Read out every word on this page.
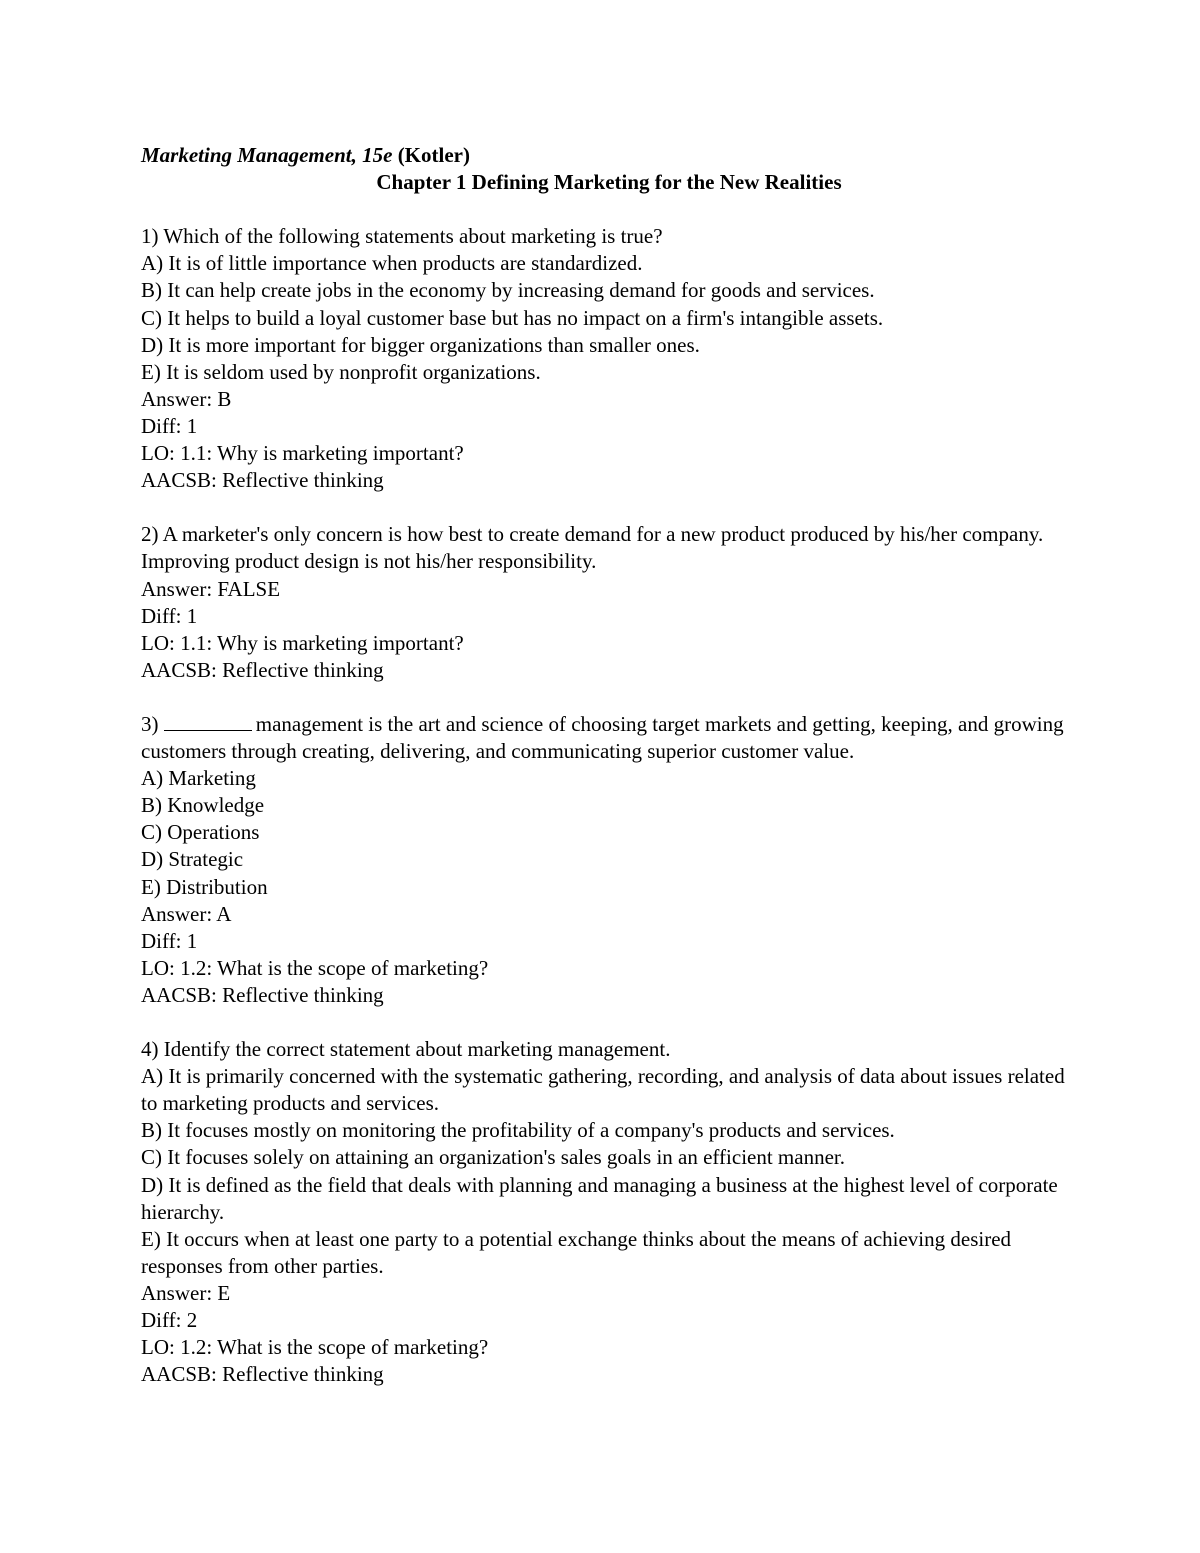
Marketing Management, 15e (Kotler)
Chapter 1 Defining Marketing for the New Realities
1) Which of the following statements about marketing is true?
A) It is of little importance when products are standardized.
B) It can help create jobs in the economy by increasing demand for goods and services.
C) It helps to build a loyal customer base but has no impact on a firm's intangible assets.
D) It is more important for bigger organizations than smaller ones.
E) It is seldom used by nonprofit organizations.
Answer: B
Diff: 1
LO: 1.1: Why is marketing important?
AACSB: Reflective thinking
2) A marketer's only concern is how best to create demand for a new product produced by his/her company. Improving product design is not his/her responsibility.
Answer: FALSE
Diff: 1
LO: 1.1: Why is marketing important?
AACSB: Reflective thinking
3)	management is the art and science of choosing target markets and getting, keeping, and growing customers through creating, delivering, and communicating superior customer value.
A) Marketing
B) Knowledge
C) Operations
D) Strategic
E) Distribution
Answer: A
Diff: 1
LO: 1.2: What is the scope of marketing?
AACSB: Reflective thinking
4) Identify the correct statement about marketing management.
A) It is primarily concerned with the systematic gathering, recording, and analysis of data about issues related to marketing products and services.
B) It focuses mostly on monitoring the profitability of a company's products and services.
C) It focuses solely on attaining an organization's sales goals in an efficient manner.
D) It is defined as the field that deals with planning and managing a business at the highest level of corporate hierarchy.
E) It occurs when at least one party to a potential exchange thinks about the means of achieving desired responses from other parties.
Answer: E
Diff: 2
LO: 1.2: What is the scope of marketing?
AACSB: Reflective thinking
